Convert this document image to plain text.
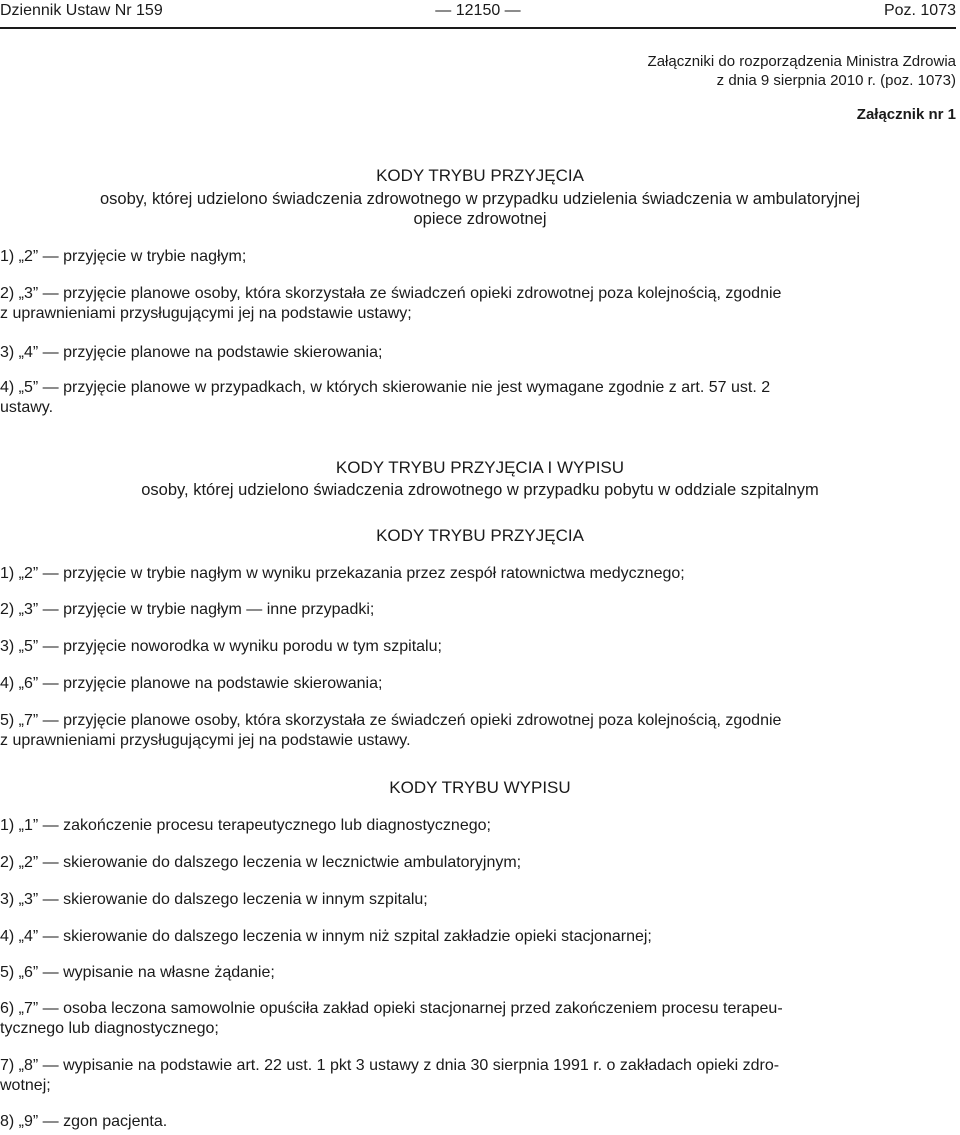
Dziennik Ustaw Nr 159	— 12150 —	Poz. 1073
Załączniki do rozporządzenia Ministra Zdrowia
z dnia 9 sierpnia 2010 r. (poz. 1073)
Załącznik nr 1
KODY TRYBU PRZYJĘCIA
osoby, której udzielono świadczenia zdrowotnego w przypadku udzielenia świadczenia w ambulatoryjnej
opiece zdrowotnej
1) „2” — przyjęcie w trybie nagłym;
2) „3” — przyjęcie planowe osoby, która skorzystała ze świadczeń opieki zdrowotnej poza kolejnością, zgodnie
z uprawnieniami przysługującymi jej na podstawie ustawy;
3) „4” — przyjęcie planowe na podstawie skierowania;
4) „5” — przyjęcie planowe w przypadkach, w których skierowanie nie jest wymagane zgodnie z art. 57 ust. 2
ustawy.
KODY TRYBU PRZYJĘCIA I WYPISU
osoby, której udzielono świadczenia zdrowotnego w przypadku pobytu w oddziale szpitalnym
KODY TRYBU PRZYJĘCIA
1) „2” — przyjęcie w trybie nagłym w wyniku przekazania przez zespół ratownictwa medycznego;
2) „3” — przyjęcie w trybie nagłym — inne przypadki;
3) „5” — przyjęcie noworodka w wyniku porodu w tym szpitalu;
4) „6” — przyjęcie planowe na podstawie skierowania;
5) „7” — przyjęcie planowe osoby, która skorzystała ze świadczeń opieki zdrowotnej poza kolejnością, zgodnie
z uprawnieniami przysługującymi jej na podstawie ustawy.
KODY TRYBU WYPISU
1) „1” — zakończenie procesu terapeutycznego lub diagnostycznego;
2) „2” — skierowanie do dalszego leczenia w lecznictwie ambulatoryjnym;
3) „3” — skierowanie do dalszego leczenia w innym szpitalu;
4) „4” — skierowanie do dalszego leczenia w innym niż szpital zakładzie opieki stacjonarnej;
5) „6” — wypisanie na własne żądanie;
6) „7” — osoba leczona samowolnie opuściła zakład opieki stacjonarnej przed zakończeniem procesu terapeu-
tycznego lub diagnostycznego;
7) „8” — wypisanie na podstawie art. 22 ust. 1 pkt 3 ustawy z dnia 30 sierpnia 1991 r. o zakładach opieki zdro-
wotnej;
8) „9” — zgon pacjenta.
